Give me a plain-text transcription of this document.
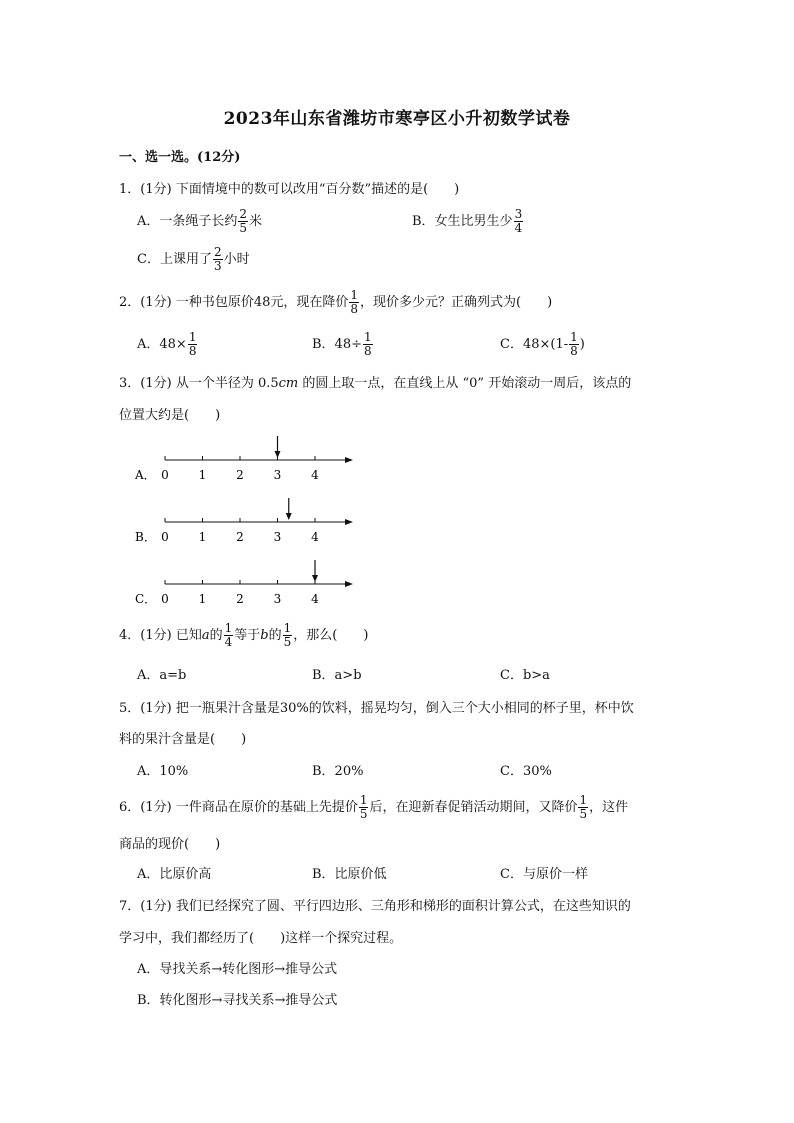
2023年山东省潍坊市寒亭区小升初数学试卷
一、选一选。(12分)
1．(1分) 下面情境中的数可以改用“百分数”描述的是(　　)
A．一条绳子长约 $\frac{2}{5}$ 米	B．女生比男生少 $\frac{3}{4}$
C．上课用了 $\frac{2}{3}$ 小时
2．(1分) 一种书包原价48元，现在降价 $\frac{1}{8}$ ，现价多少元？正确列式为(　　)
A．$48\times \frac{1}{8}$	B．$48\div \frac{1}{8}$	C．$48\times(1- \frac{1}{8}$ )
3．(1分) 从一个半径为 0.5cm 的圆上取一点，在直线上从 “0” 开始滚动一周后，该点的
位置大约是(　　)
A． 0 1 2 3 4
B． 0 1 2 3 4
C． 0 1 2 3 4
4．(1分) 已知a的 $\frac{1}{4}$ 等于b的 $\frac{1}{5}$ ，那么(　　)
A．a=b	B．a>b	C．b>a
5．(1分) 把一瓶果汁含量是30%的饮料，摇晃均匀，倒入三个大小相同的杯子里，杯中饮
料的果汁含量是(　　)
A．10%	B．20%	C．30%
6．(1分) 一件商品在原价的基础上先提价 $\frac{1}{5}$ 后，在迎新春促销活动期间，又降价 $\frac{1}{5}$ ，这件
商品的现价(　　)
A．比原价高	B．比原价低	C．与原价一样
7．(1分) 我们已经探究了圆、平行四边形、三角形和梯形的面积计算公式，在这些知识的
学习中，我们都经历了(　　)这样一个探究过程。
A．导找关系→转化图形→推导公式
B．转化图形→寻找关系→推导公式
